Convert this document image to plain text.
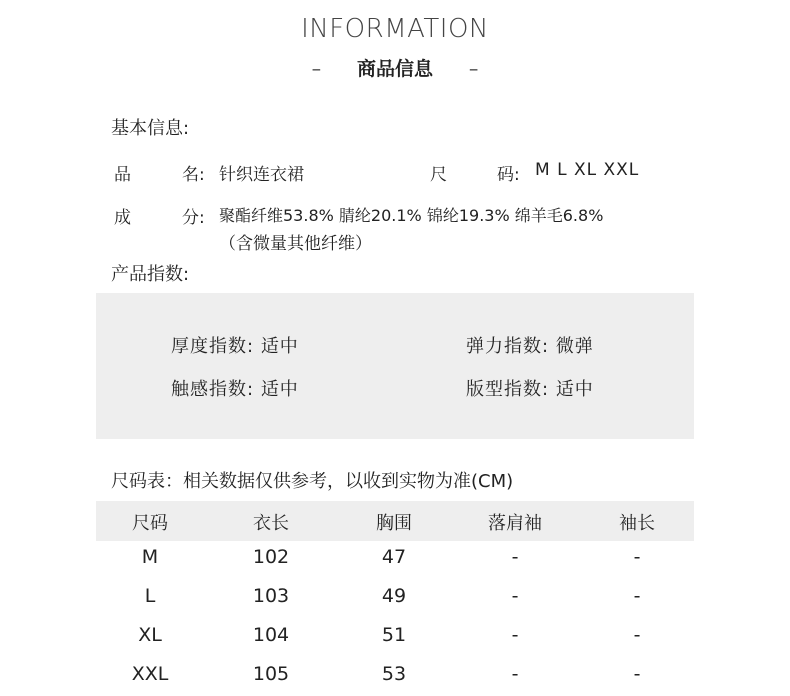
INFORMATION
– 商品信息 –
基本信息:
品	名: 针织连衣裙	尺	码: M L XL XXL
成	分: 聚酯纤维53.8% 腈纶20.1% 锦纶19.3% 绵羊毛6.8%
（含微量其他纤维）
产品指数:
厚度指数: 适中	弹力指数: 微弹
触感指数: 适中	版型指数: 适中
尺码表：相关数据仅供参考，以收到实物为准(CM)
尺码	衣长	胸围	落肩袖	袖长
M	102	47	-	-
L	103	49	-	-
XL	104	51	-	-
XXL	105	53	-	-
